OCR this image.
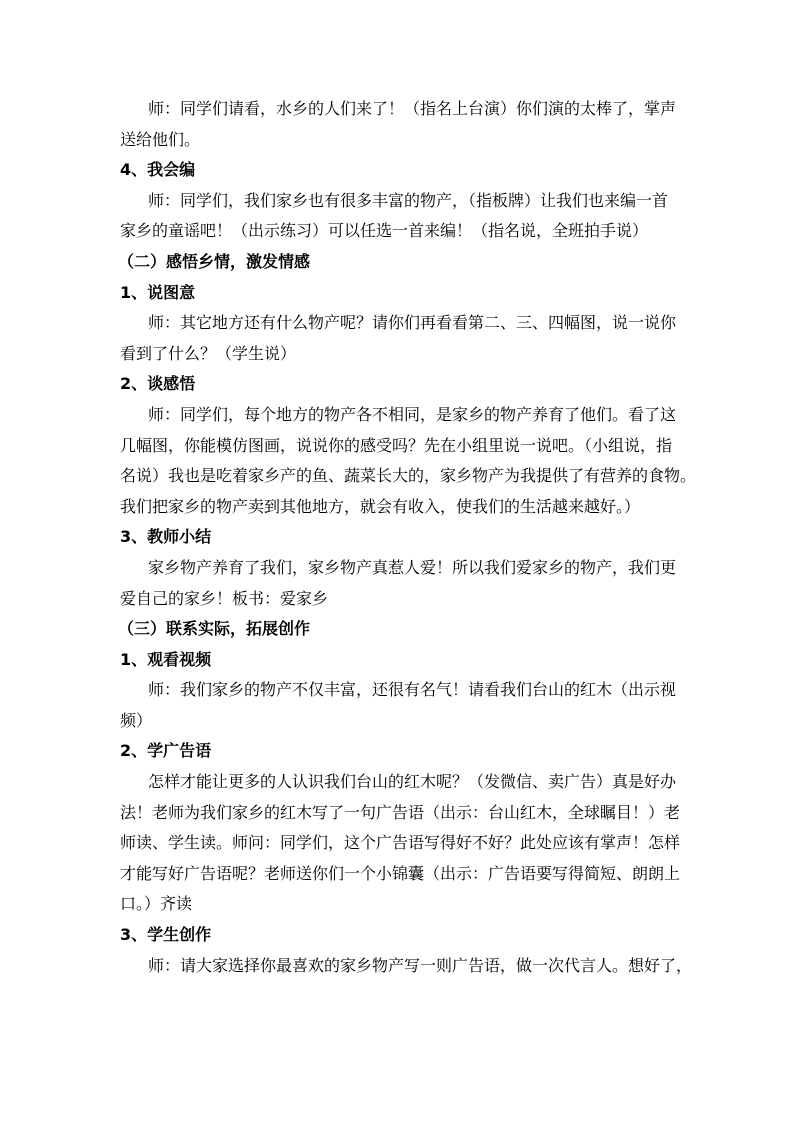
师：同学们请看，水乡的人们来了！（指名上台演）你们演的太棒了，掌声
送给他们。
4、我会编
师：同学们，我们家乡也有很多丰富的物产，（指板牌）让我们也来编一首
家乡的童谣吧！（出示练习）可以任选一首来编！（指名说，全班拍手说）
（二）感悟乡情，激发情感
1、说图意
师：其它地方还有什么物产呢？请你们再看看第二、三、四幅图，说一说你
看到了什么？（学生说）
2、谈感悟
师：同学们，每个地方的物产各不相同，是家乡的物产养育了他们。看了这
几幅图，你能模仿图画，说说你的感受吗？先在小组里说一说吧。（小组说，指
名说）我也是吃着家乡产的鱼、蔬菜长大的，家乡物产为我提供了有营养的食物。
我们把家乡的物产卖到其他地方，就会有收入，使我们的生活越来越好。）
3、教师小结
家乡物产养育了我们，家乡物产真惹人爱！所以我们爱家乡的物产，我们更
爱自己的家乡！板书：爱家乡
（三）联系实际，拓展创作
1、观看视频
师：我们家乡的物产不仅丰富，还很有名气！请看我们台山的红木（出示视
频）
2、学广告语
怎样才能让更多的人认识我们台山的红木呢？（发微信、卖广告）真是好办
法！老师为我们家乡的红木写了一句广告语（出示：台山红木，全球瞩目！）老
师读、学生读。师问：同学们，这个广告语写得好不好？此处应该有掌声！怎样
才能写好广告语呢？老师送你们一个小锦囊（出示：广告语要写得简短、朗朗上
口。）齐读
3、学生创作
师：请大家选择你最喜欢的家乡物产写一则广告语，做一次代言人。想好了，
